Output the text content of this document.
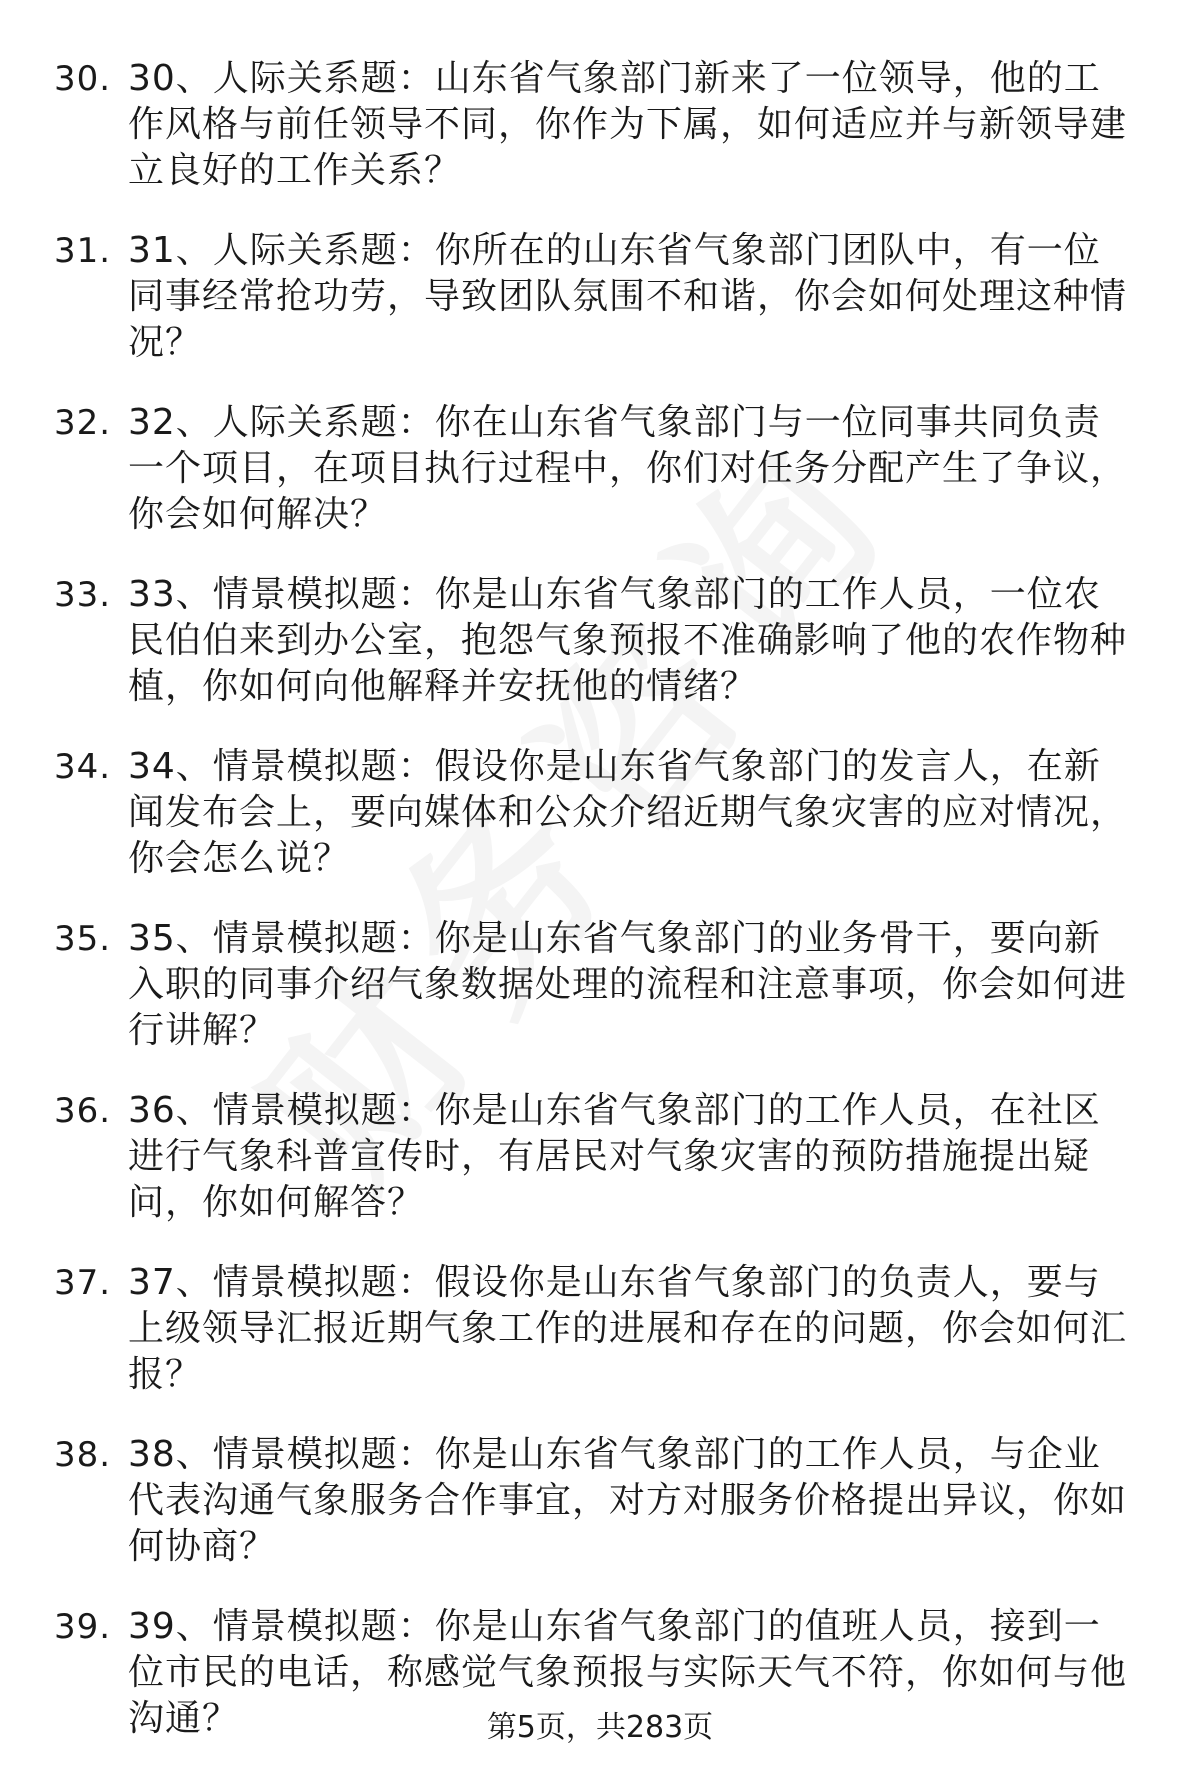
30. 30、人际关系题：山东省气象部门新来了一位领导，他的工作风格与前任领导不同，你作为下属，如何适应并与新领导建立良好的工作关系？
31. 31、人际关系题：你所在的山东省气象部门团队中，有一位同事经常抢功劳，导致团队氛围不和谐，你会如何处理这种情况？
32. 32、人际关系题：你在山东省气象部门与一位同事共同负责一个项目，在项目执行过程中，你们对任务分配产生了争议，你会如何解决？
33. 33、情景模拟题：你是山东省气象部门的工作人员，一位农民伯伯来到办公室，抱怨气象预报不准确影响了他的农作物种植，你如何向他解释并安抚他的情绪？
34. 34、情景模拟题：假设你是山东省气象部门的发言人，在新闻发布会上，要向媒体和公众介绍近期气象灾害的应对情况，你会怎么说？
35. 35、情景模拟题：你是山东省气象部门的业务骨干，要向新入职的同事介绍气象数据处理的流程和注意事项，你会如何进行讲解？
36. 36、情景模拟题：你是山东省气象部门的工作人员，在社区进行气象科普宣传时，有居民对气象灾害的预防措施提出疑问，你如何解答？
37. 37、情景模拟题：假设你是山东省气象部门的负责人，要与上级领导汇报近期气象工作的进展和存在的问题，你会如何汇报？
38. 38、情景模拟题：你是山东省气象部门的工作人员，与企业代表沟通气象服务合作事宜，对方对服务价格提出异议，你如何协商？
39. 39、情景模拟题：你是山东省气象部门的值班人员，接到一位市民的电话，称感觉气象预报与实际天气不符，你如何与他沟通？	第5页，共283页
